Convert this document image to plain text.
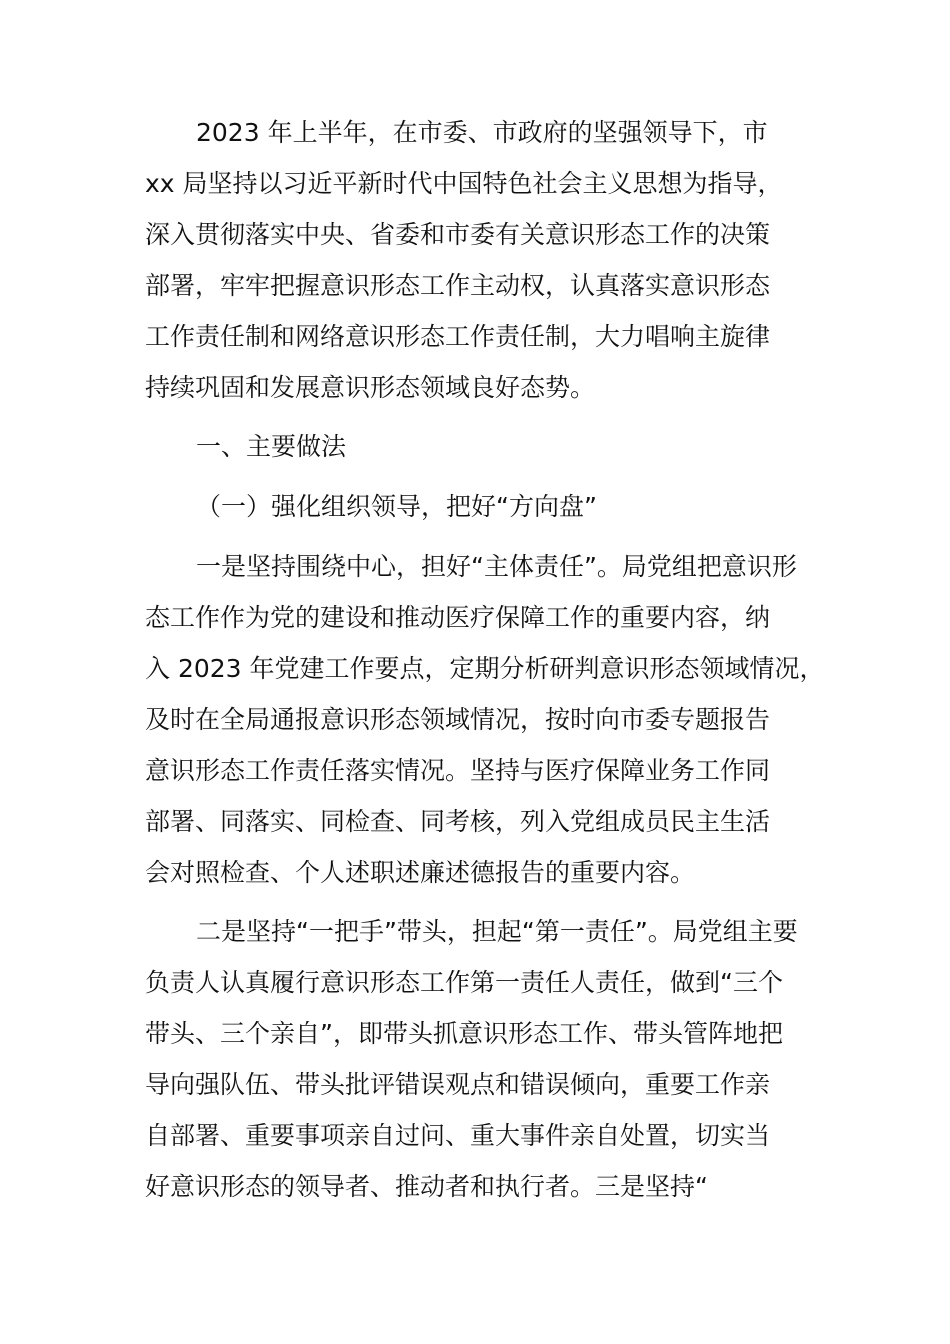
2023 年上半年，在市委、市政府的坚强领导下，市
xx 局坚持以习近平新时代中国特色社会主义思想为指导，
深入贯彻落实中央、省委和市委有关意识形态工作的决策
部署，牢牢把握意识形态工作主动权，认真落实意识形态
工作责任制和网络意识形态工作责任制，大力唱响主旋律
持续巩固和发展意识形态领域良好态势。
一、主要做法
（一）强化组织领导，把好“方向盘”
一是坚持围绕中心，担好“主体责任”。局党组把意识形
态工作作为党的建设和推动医疗保障工作的重要内容，纳
入 2023 年党建工作要点，定期分析研判意识形态领域情况，
及时在全局通报意识形态领域情况，按时向市委专题报告
意识形态工作责任落实情况。坚持与医疗保障业务工作同
部署、同落实、同检查、同考核，列入党组成员民主生活
会对照检查、个人述职述廉述德报告的重要内容。
二是坚持“一把手”带头，担起“第一责任”。局党组主要
负责人认真履行意识形态工作第一责任人责任，做到“三个
带头、三个亲自”，即带头抓意识形态工作、带头管阵地把
导向强队伍、带头批评错误观点和错误倾向，重要工作亲
自部署、重要事项亲自过问、重大事件亲自处置，切实当
好意识形态的领导者、推动者和执行者。三是坚持“
